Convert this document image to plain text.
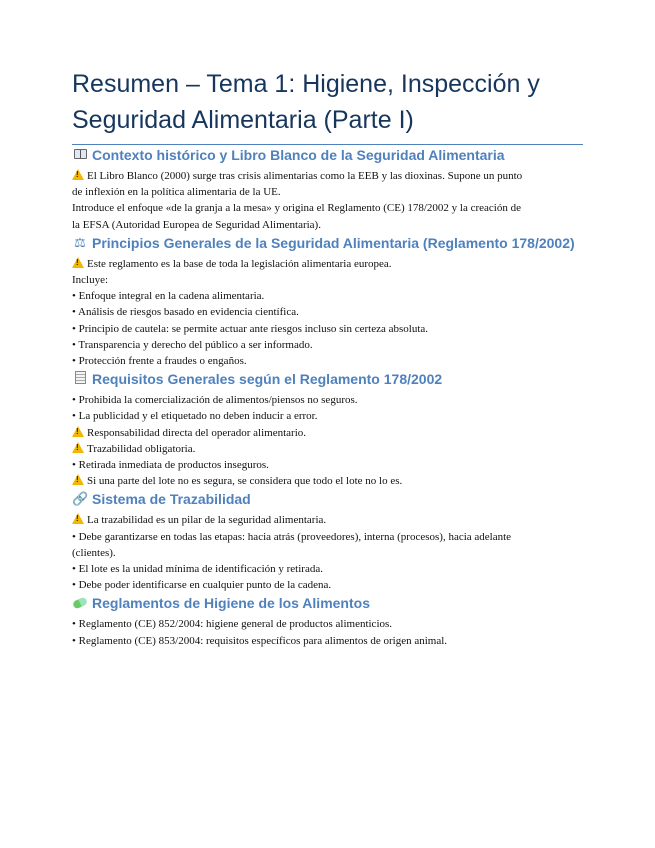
Resumen – Tema 1: Higiene, Inspección y
Seguridad Alimentaria (Parte I)
Contexto histórico y Libro Blanco de la Seguridad Alimentaria

!El Libro Blanco (2000) surge tras crisis alimentarias como la EEB y las dioxinas. Supone un punto

de inflexión en la política alimentaria de la UE.

Introduce el enfoque «de la granja a la mesa» y origina el Reglamento (CE) 178/2002 y la creación de

la EFSA (Autoridad Europea de Seguridad Alimentaria).

⚖ Principios Generales de la Seguridad Alimentaria (Reglamento 178/2002)

!Este reglamento es la base de toda la legislación alimentaria europea.

Incluye:

• Enfoque integral en la cadena alimentaria.

• Análisis de riesgos basado en evidencia científica.

• Principio de cautela: se permite actuar ante riesgos incluso sin certeza absoluta.

• Transparencia y derecho del público a ser informado.

• Protección frente a fraudes o engaños.

Requisitos Generales según el Reglamento 178/2002

• Prohibida la comercialización de alimentos/piensos no seguros.

• La publicidad y el etiquetado no deben inducir a error.

!Responsabilidad directa del operador alimentario.

!Trazabilidad obligatoria.

• Retirada inmediata de productos inseguros.

!Si una parte del lote no es segura, se considera que todo el lote no lo es.

🔗 Sistema de Trazabilidad

!La trazabilidad es un pilar de la seguridad alimentaria.

• Debe garantizarse en todas las etapas: hacia atrás (proveedores), interna (procesos), hacia adelante

(clientes).

• El lote es la unidad mínima de identificación y retirada.

• Debe poder identificarse en cualquier punto de la cadena.

Reglamentos de Higiene de los Alimentos

• Reglamento (CE) 852/2004: higiene general de productos alimenticios.

• Reglamento (CE) 853/2004: requisitos específicos para alimentos de origen animal.
